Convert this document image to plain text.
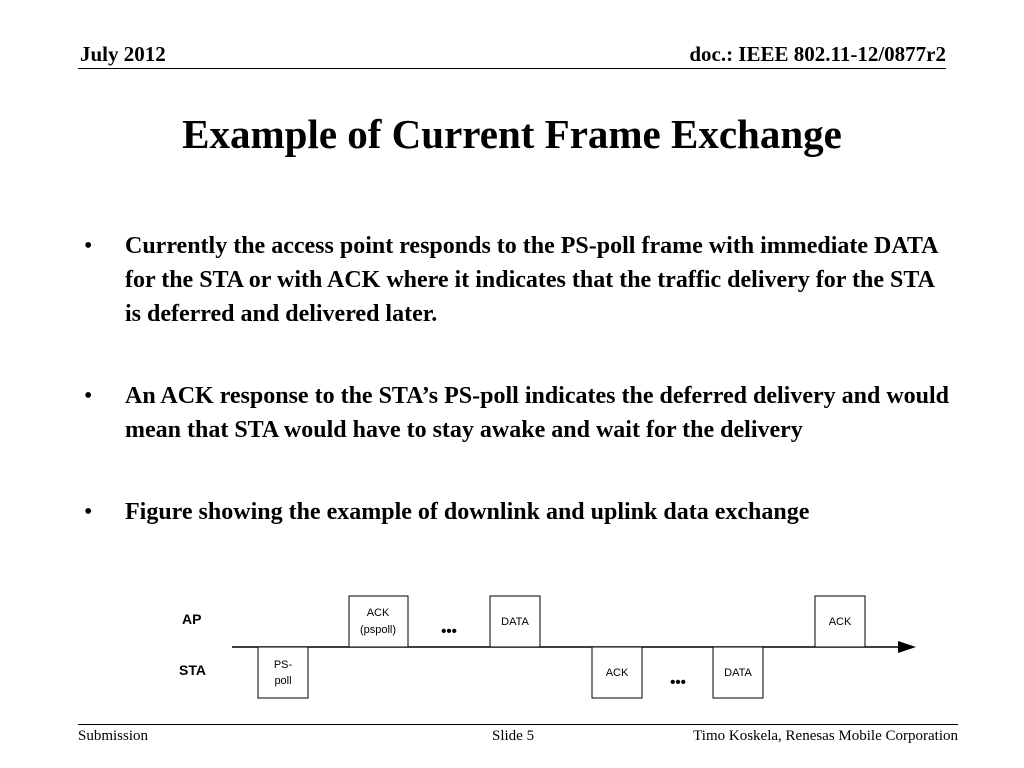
July 2012	doc.: IEEE 802.11-12/0877r2
Example of Current Frame Exchange
• Currently the access point responds to the PS-poll frame with immediate DATA for the STA or with ACK where it indicates that the traffic delivery for the STA is deferred and delivered later.
• An ACK response to the STA’s PS-poll indicates the deferred delivery and would mean that STA would have to stay awake and wait for the delivery
• Figure showing the example of downlink and uplink data exchange
AP
STA	PS-
poll
ACK
(pspoll)	•••
DATA
ACK
•••
DATA
ACK
Submission	Slide 5	Timo Koskela, Renesas Mobile Corporation
